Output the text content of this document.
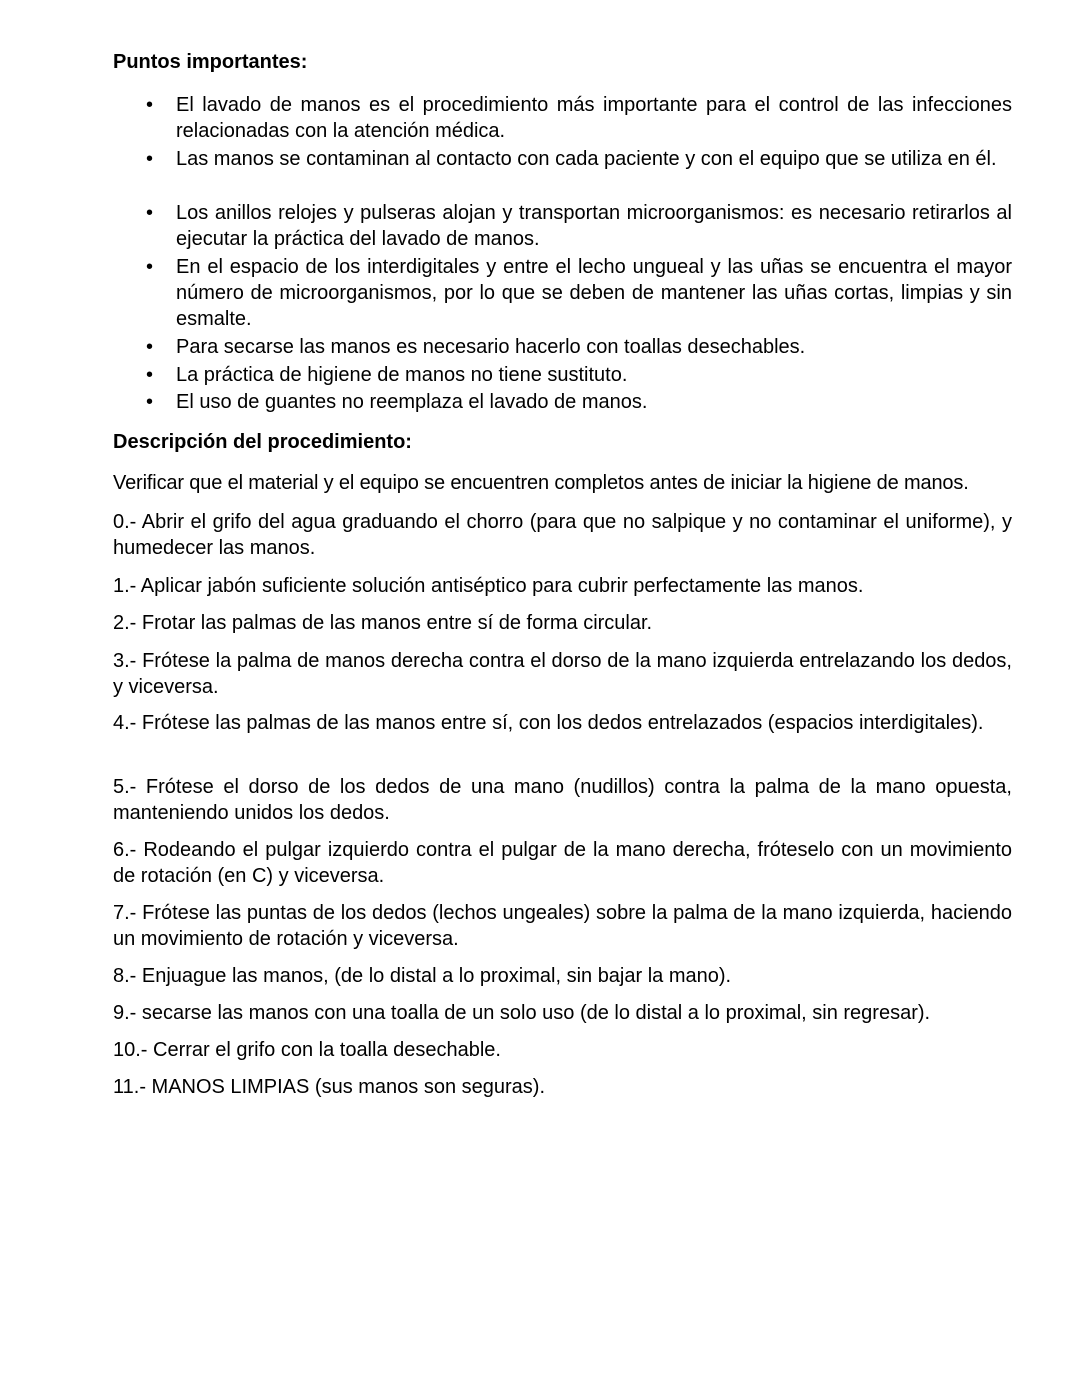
Puntos importantes:
• El lavado de manos es el procedimiento más importante para el control de las infecciones relacionadas con la atención médica.
• Las manos se contaminan al contacto con cada paciente y con el equipo que se utiliza en él.
• Los anillos relojes y pulseras alojan y transportan microorganismos: es necesario retirarlos al ejecutar la práctica del lavado de manos.
• En el espacio de los interdigitales y entre el lecho ungueal y las uñas se encuentra el mayor número de microorganismos, por lo que se deben de mantener las uñas cortas, limpias y sin esmalte.
• Para secarse las manos es necesario hacerlo con toallas desechables.
• La práctica de higiene de manos no tiene sustituto.
• El uso de guantes no reemplaza el lavado de manos.
Descripción del procedimiento:
Verificar que el material y el equipo se encuentren completos antes de iniciar la higiene de manos.
0.- Abrir el grifo del agua graduando el chorro (para que no salpique y no contaminar el uniforme), y humedecer las manos.
1.- Aplicar jabón suficiente solución antiséptico para cubrir perfectamente las manos.
2.- Frotar las palmas de las manos entre sí de forma circular.
3.- Frótese la palma de manos derecha contra el dorso de la mano izquierda entrelazando los dedos, y viceversa.
4.- Frótese las palmas de las manos entre sí, con los dedos entrelazados (espacios interdigitales).
5.- Frótese el dorso de los dedos de una mano (nudillos) contra la palma de la mano opuesta, manteniendo unidos los dedos.
6.- Rodeando el pulgar izquierdo contra el pulgar de la mano derecha, fróteselo con un movimiento de rotación (en C) y viceversa.
7.- Frótese las puntas de los dedos (lechos ungeales) sobre la palma de la mano izquierda, haciendo un movimiento de rotación y viceversa.
8.- Enjuague las manos, (de lo distal a lo proximal, sin bajar la mano).
9.- secarse las manos con una toalla de un solo uso (de lo distal a lo proximal, sin regresar).
10.- Cerrar el grifo con la toalla desechable.
11.- MANOS LIMPIAS (sus manos son seguras).
